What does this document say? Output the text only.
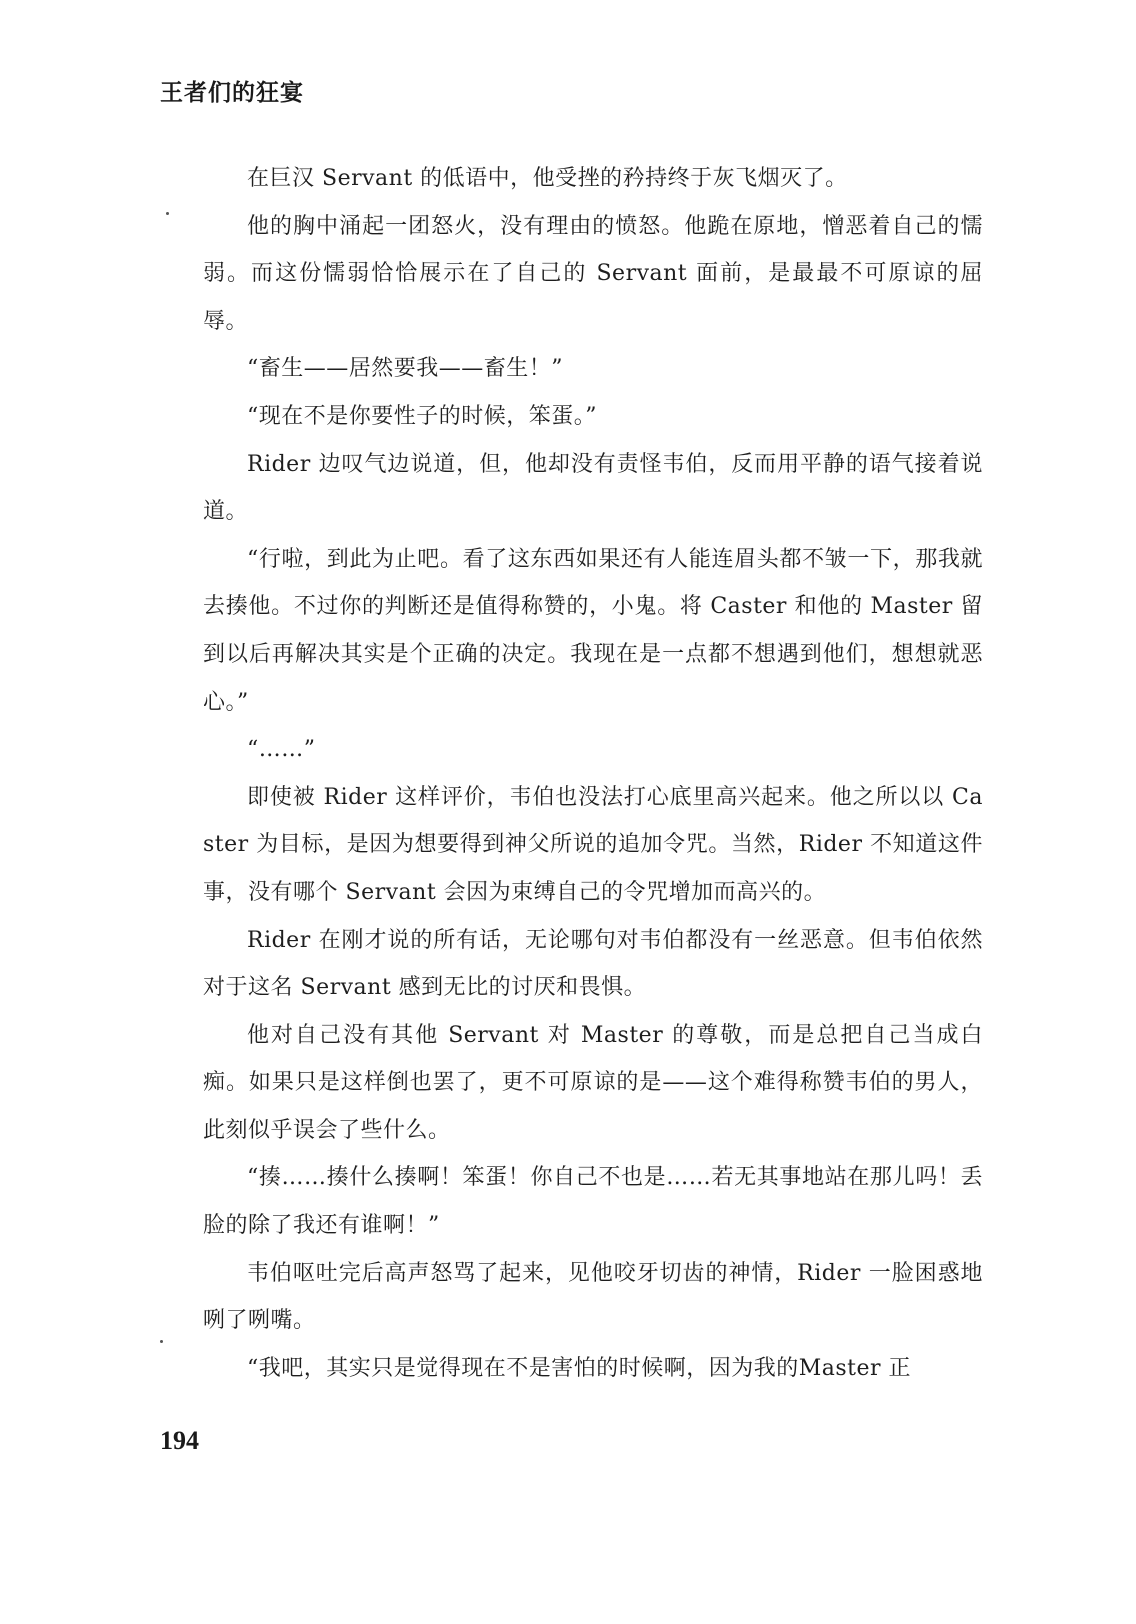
王者们的狂宴

在巨汉 Servant 的低语中，他受挫的矜持终于灰飞烟灭了。

他的胸中涌起一团怒火，没有理由的愤怒。他跪在原地，憎恶着自己的懦弱。而这份懦弱恰恰展示在了自己的 Servant 面前，是最最不可原谅的屈辱。

“畜生——居然要我——畜生！”

“现在不是你要性子的时候，笨蛋。”

Rider 边叹气边说道，但，他却没有责怪韦伯，反而用平静的语气接着说道。

“行啦，到此为止吧。看了这东西如果还有人能连眉头都不皱一下，那我就去揍他。不过你的判断还是值得称赞的，小鬼。将 Caster 和他的 Master 留到以后再解决其实是个正确的决定。我现在是一点都不想遇到他们，想想就恶心。”

“……”

即使被 Rider 这样评价，韦伯也没法打心底里高兴起来。他之所以以 Caster 为目标，是因为想要得到神父所说的追加令咒。当然，Rider 不知道这件事，没有哪个 Servant 会因为束缚自己的令咒增加而高兴的。

Rider 在刚才说的所有话，无论哪句对韦伯都没有一丝恶意。但韦伯依然对于这名 Servant 感到无比的讨厌和畏惧。

他对自己没有其他 Servant 对 Master 的尊敬，而是总把自己当成白痴。如果只是这样倒也罢了，更不可原谅的是——这个难得称赞韦伯的男人，此刻似乎误会了些什么。

“揍……揍什么揍啊！笨蛋！你自己不也是……若无其事地站在那儿吗！丢脸的除了我还有谁啊！”

韦伯呕吐完后高声怒骂了起来，见他咬牙切齿的神情，Rider 一脸困惑地咧了咧嘴。

“我吧，其实只是觉得现在不是害怕的时候啊，因为我的Master 正

194
